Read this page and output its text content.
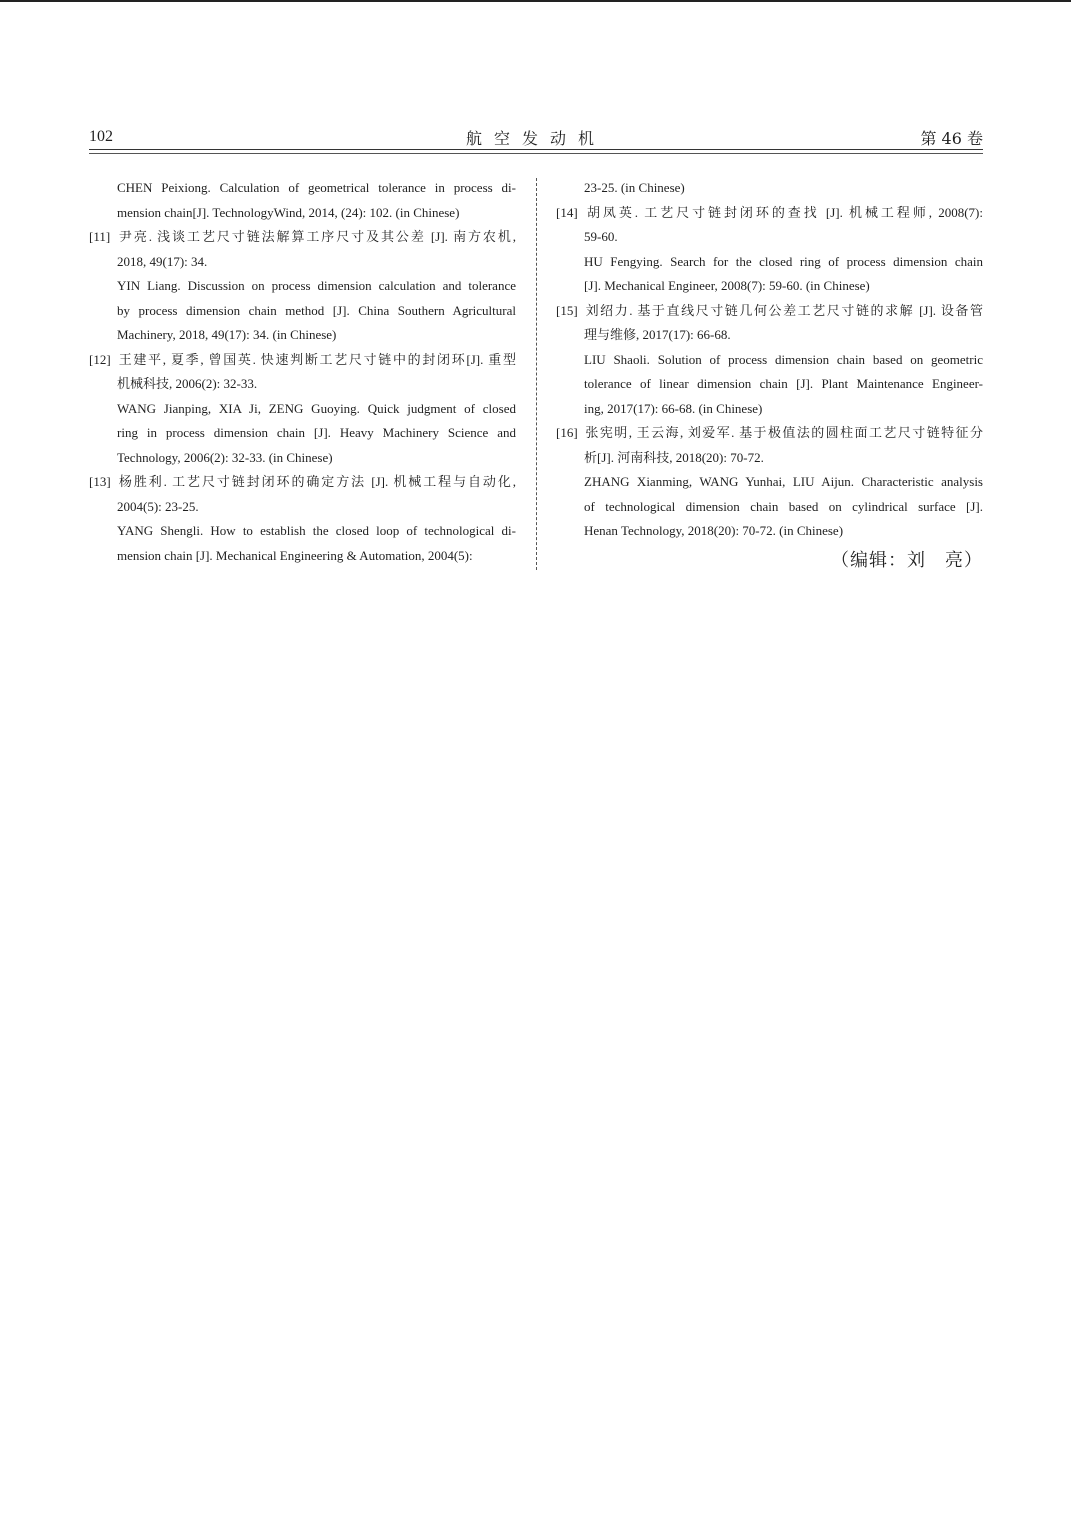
102	航空发动机	第 46 卷
CHEN Peixiong. Calculation of geometrical tolerance in process di-
mension chain[J]. TechnologyWind, 2014, (24): 102. (in Chinese)
[11] 尹亮. 浅谈工艺尺寸链法解算工序尺寸及其公差 [J]. 南方农机,
2018, 49(17): 34.
YIN Liang. Discussion on process dimension calculation and tolerance
by process dimension chain method [J]. China Southern Agricultural
Machinery, 2018, 49(17): 34. (in Chinese)
[12] 王建平, 夏季, 曾国英. 快速判断工艺尺寸链中的封闭环[J]. 重型
机械科技, 2006(2): 32-33.
WANG Jianping, XIA Ji, ZENG Guoying. Quick judgment of closed
ring in process dimension chain [J]. Heavy Machinery Science and
Technology, 2006(2): 32-33. (in Chinese)
[13] 杨胜利. 工艺尺寸链封闭环的确定方法 [J]. 机械工程与自动化,
2004(5): 23-25.
YANG Shengli. How to establish the closed loop of technological di-
mension chain [J]. Mechanical Engineering & Automation, 2004(5):
23-25. (in Chinese)
[14] 胡凤英. 工艺尺寸链封闭环的查找 [J]. 机械工程师, 2008(7):
59-60.
HU Fengying. Search for the closed ring of process dimension chain
[J]. Mechanical Engineer, 2008(7): 59-60. (in Chinese)
[15] 刘绍力. 基于直线尺寸链几何公差工艺尺寸链的求解 [J]. 设备管
理与维修, 2017(17): 66-68.
LIU Shaoli. Solution of process dimension chain based on geometric
tolerance of linear dimension chain [J]. Plant Maintenance Engineer-
ing, 2017(17): 66-68. (in Chinese)
[16] 张宪明, 王云海, 刘爱军. 基于极值法的圆柱面工艺尺寸链特征分
析[J]. 河南科技, 2018(20): 70-72.
ZHANG Xianming, WANG Yunhai, LIU Aijun. Characteristic analysis
of technological dimension chain based on cylindrical surface [J].
Henan Technology, 2018(20): 70-72. (in Chinese)
（编辑：刘　亮）
